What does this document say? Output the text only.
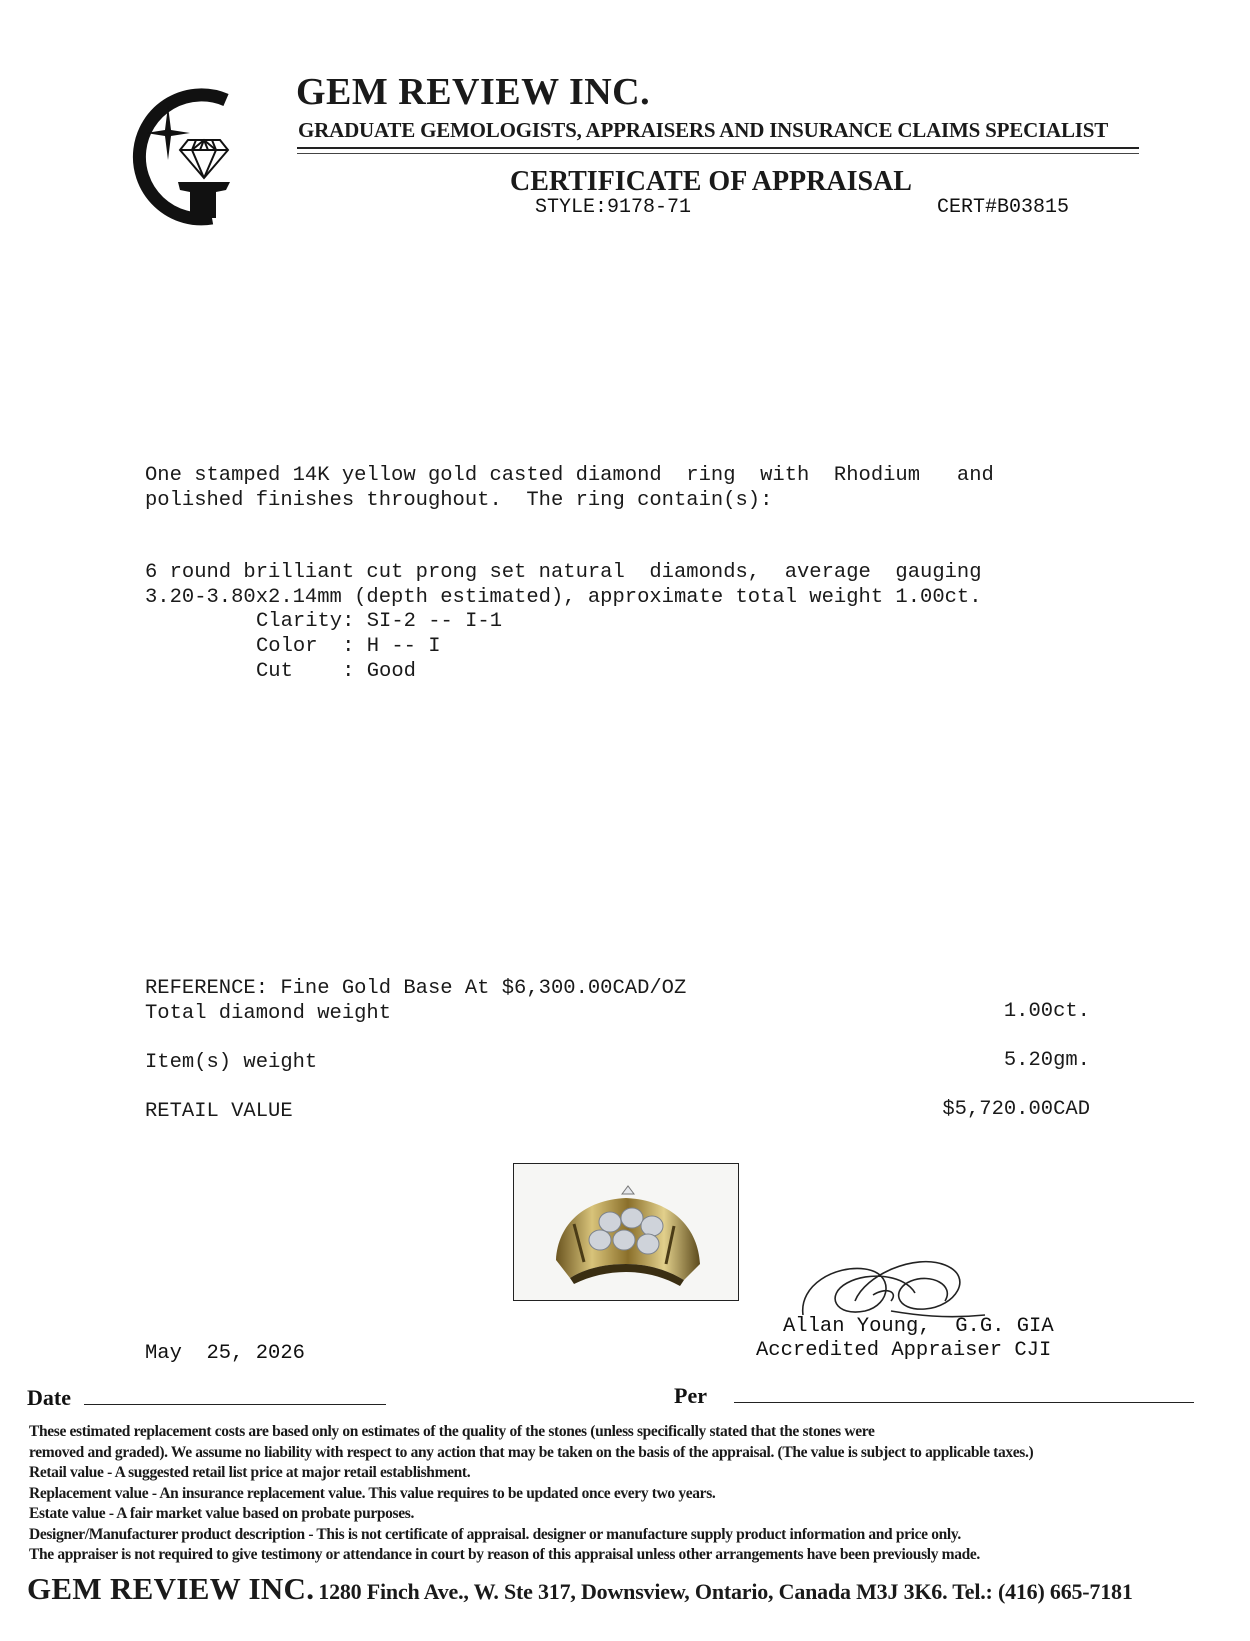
GEM REVIEW INC.
GRADUATE GEMOLOGISTS, APPRAISERS AND INSURANCE CLAIMS SPECIALIST
CERTIFICATE OF APPRAISAL
STYLE:9178-71	CERT#B03815
One stamped 14K yellow gold casted diamond  ring  with  Rhodium   and
polished finishes throughout.  The ring contain(s):
6 round brilliant cut prong set natural  diamonds,  average  gauging
3.20-3.80x2.14mm (depth estimated), approximate total weight 1.00ct.
Clarity: SI-2 -- I-1
Color  : H -- I
Cut    : Good
REFERENCE: Fine Gold Base At $6,300.00CAD/OZ
Total diamond weight	1.00ct.
Item(s) weight	5.20gm.
RETAIL VALUE	$5,720.00CAD
Allan Young,  G.G. GIA
Accredited Appraiser CJI
May  25, 2026
Date	Per
These estimated replacement costs are based only on estimates of the quality of the stones (unless specifically stated that the stones were
removed and graded). We assume no liability with respect to any action that may be taken on the basis of the appraisal. (The value is subject to applicable taxes.)
Retail value - A suggested retail list price at major retail establishment.
Replacement value - An insurance replacement value. This value requires to be updated once every two years.
Estate value - A fair market value based on probate purposes.
Designer/Manufacturer product description - This is not certificate of appraisal. designer or manufacture supply product information and price only.
The appraiser is not required to give testimony or attendance in court by reason of this appraisal unless other arrangements have been previously made.
GEM REVIEW INC. 1280 Finch Ave., W. Ste 317, Downsview, Ontario, Canada M3J 3K6. Tel.: (416) 665-7181
